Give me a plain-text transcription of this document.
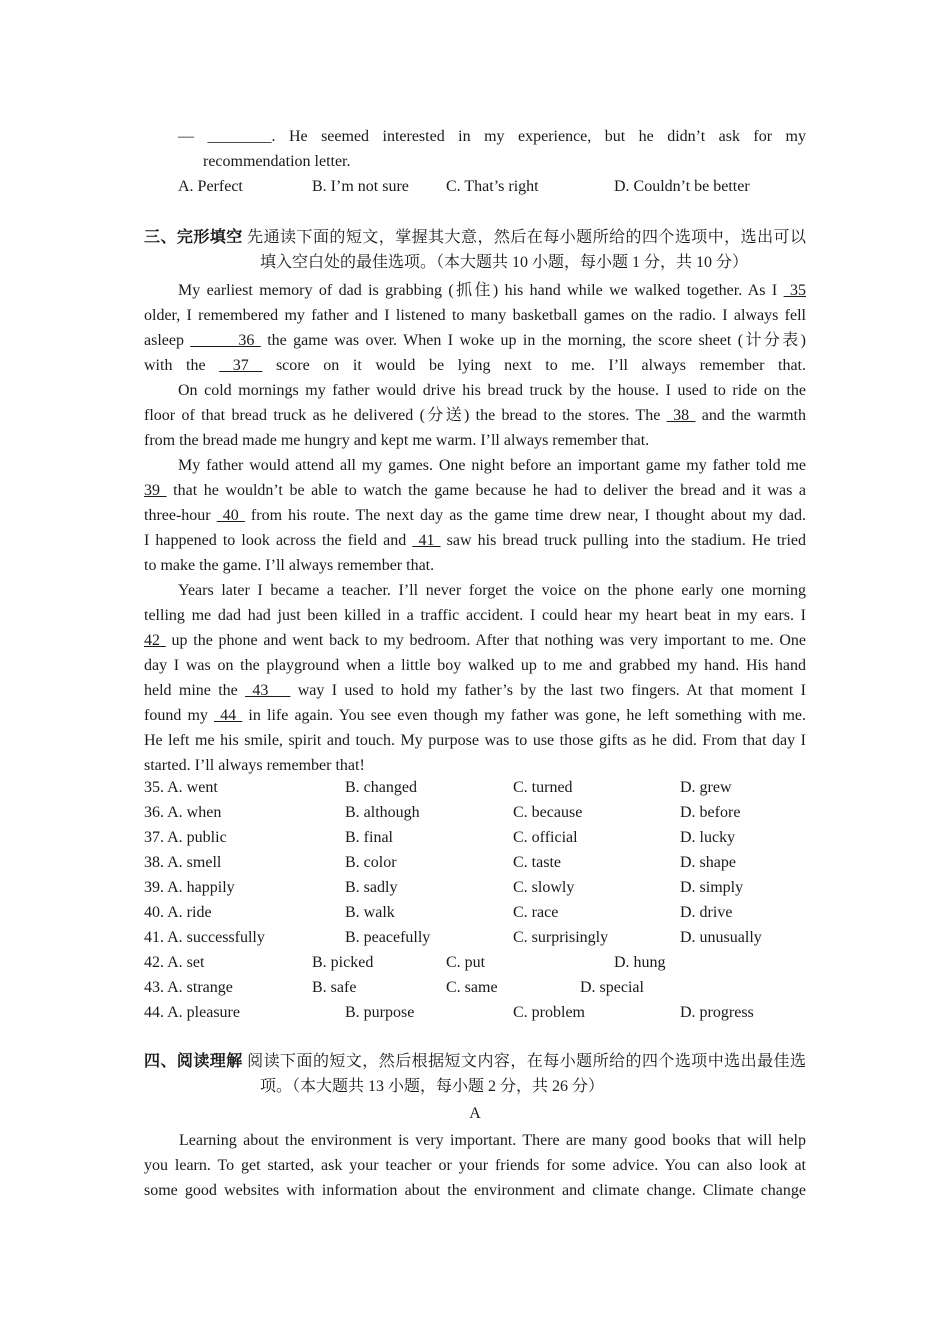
— ________. He seemed interested in my experience, but he didn’t ask for my
recommendation letter.
A. Perfect	B. I’m not sure C. That’s right	D. Couldn’t be better
三、完形填空 先通读下面的短文，掌握其大意，然后在每小题所给的四个选项中，选出可以
填入空白处的最佳选项。（本大题共 10 小题，每小题 1 分，共 10 分）
My earliest memory of dad is grabbing (抓住) his hand while we walked together. As I  35
older, I remembered my father and I listened to many basketball games on the radio. I always fell
asleep ______36  the game was over. When I woke up in the morning, the score sheet (计分表)
with the  37  score on it would be lying next to me. I’ll always remember that.
On cold mornings my father would drive his bread truck by the house. I used to ride on the
floor of that bread truck as he delivered (分送) the bread to the stores. The  38  and the warmth
from the bread made me hungry and kept me warm. I’ll always remember that.
My father would attend all my games. One night before an important game my father told me
39  that he wouldn’t be able to watch the game because he had to deliver the bread and it was a
three-hour  40  from his route. The next day as the game time drew near, I thought about my dad.
I happened to look across the field and  41  saw his bread truck pulling into the stadium. He tried
to make the game. I’ll always remember that.
Years later I became a teacher. I’ll never forget the voice on the phone early one morning
telling me dad had just been killed in a traffic accident. I could hear my heart beat in my ears. I
42  up the phone and went back to my bedroom. After that nothing was very important to me. One
day I was on the playground when a little boy walked up to me and grabbed my hand. His hand
held mine the  43    way I used to hold my father’s by the last two fingers. At that moment I
found my  44  in life again. You see even though my father was gone, he left something with me.
He left me his smile, spirit and touch. My purpose was to use those gifts as he did. From that day I
started. I’ll always remember that!
35. A. went	B. changed	C. turned	D. grew
36. A. when	B. although	C. because	D. before
37. A. public	B. final	C. official	D. lucky
38. A. smell	B. color	C. taste	D. shape
39. A. happily	B. sadly	C. slowly	D. simply
40. A. ride	B. walk	C. race	D. drive
41. A. successfully	B. peacefully	C. surprisingly	D. unusually
42. A. set	B. picked	C. put	D. hung
43. A. strange	B. safe	C. same	D. special
44. A. pleasure	B. purpose	C. problem	D. progress
四、阅读理解 阅读下面的短文，然后根据短文内容，在每小题所给的四个选项中选出最佳选
项。（本大题共 13 小题，每小题 2 分，共 26 分）
A
Learning about the environment is very important. There are many good books that will help
you learn. To get started, ask your teacher or your friends for some advice. You can also look at
some good websites with information about the environment and climate change. Climate change
